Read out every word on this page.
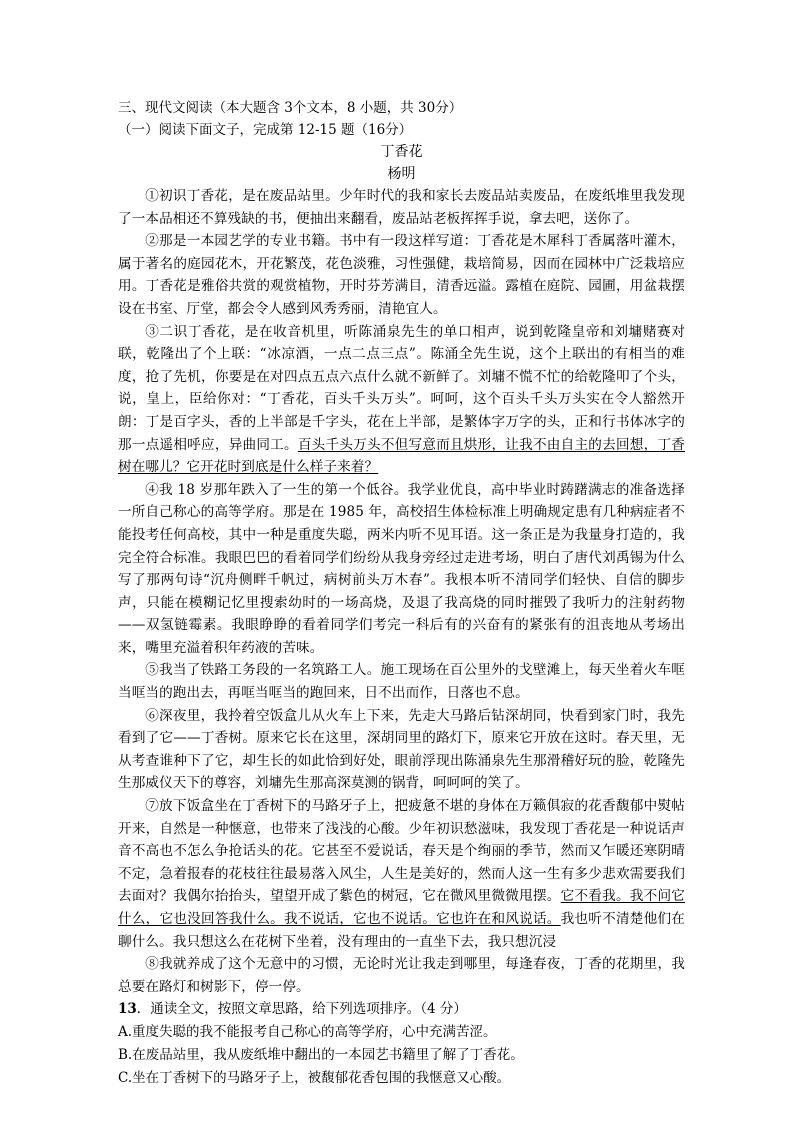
三、现代文阅读（本大题含 3个文本，8 小题，共 30分）

（一）阅读下面文子，完成第 12-15 题（16分）

丁香花

杨明

①初识丁香花，是在废品站里。少年时代的我和家长去废品站卖废品，在废纸堆里我发现了一本品相还不算残缺的书，便抽出来翻看，废品站老板挥挥手说，拿去吧，送你了。

②那是一本园艺学的专业书籍。书中有一段这样写道：丁香花是木犀科丁香属落叶灌木，属于著名的庭园花木，开花繁茂，花色淡雅，习性强健，栽培简易，因而在园林中广泛栽培应用。丁香花是雅俗共赏的观赏植物，开时芬芳满目，清香远溢。露植在庭院、园圃，用盆栽摆设在书室、厅堂，都会令人感到风秀秀丽，清艳宜人。

③二识丁香花，是在收音机里，听陈涌泉先生的单口相声，说到乾隆皇帝和刘墉赌赛对联，乾隆出了个上联：“冰凉酒，一点二点三点”。陈涌全先生说，这个上联出的有相当的难度，抢了先机，你要是在对四点五点六点什么就不新鲜了。刘墉不慌不忙的给乾隆叩了个头，说，皇上，臣给你对：“丁香花，百头千头万头”。呵呵，这个百头千头万头实在令人豁然开朗：丁是百字头，香的上半部是千字头，花在上半部，是繁体字万字的头，正和行书体冰字的那一点遥相呼应，异曲同工。百头千头万头不但写意而且烘形，让我不由自主的去回想，丁香树在哪儿？它开花时到底是什么样子来着？

④我 18 岁那年跌入了一生的第一个低谷。我学业优良，高中毕业时踌躇满志的准备选择一所自己称心的高等学府。那是在 1985 年，高校招生体检标准上明确规定患有几种病症者不能投考任何高校，其中一种是重度失聪，两米内听不见耳语。这一条正是为我量身打造的，我完全符合标准。我眼巴巴的看着同学们纷纷从我身旁经过走进考场，明白了唐代刘禹锡为什么写了那两句诗“沉舟侧畔千帆过，病树前头万木春”。我根本听不清同学们轻快、自信的脚步声，只能在模糊记忆里搜索幼时的一场高烧，及退了我高烧的同时摧毁了我听力的注射药物——双氢链霉素。我眼睁睁的看着同学们考完一科后有的兴奋有的紧张有的沮丧地从考场出来，嘴里充溢着积年药液的苦味。

⑤我当了铁路工务段的一名筑路工人。施工现场在百公里外的戈壁滩上，每天坐着火车哐当哐当的跑出去，再哐当哐当的跑回来，日不出而作，日落也不息。

⑥深夜里，我拎着空饭盒儿从火车上下来，先走大马路后钻深胡同，快看到家门时，我先看到了它——丁香树。原来它长在这里，深胡同里的路灯下，原来它开放在这时。春天里，无从考查谁种下了它，却生长的如此恰到好处，眼前浮现出陈涌泉先生那滑稽好玩的脸，乾隆先生那威仪天下的尊容，刘墉先生那高深莫测的锅背，呵呵呵的笑了。

⑦放下饭盒坐在丁香树下的马路牙子上，把疲惫不堪的身体在万籁俱寂的花香馥郁中熨帖开来，自然是一种惬意，也带来了浅浅的心酸。少年初识愁滋味，我发现丁香花是一种说话声音不高也不怎么争抢话头的花。它甚至不爱说话，春天是个绚丽的季节，然而又乍暖还寒阴晴不定，急着报春的花枝往往最易落入风尘，人生是美好的，然而人这一生有多少悲欢需要我们去面对？我偶尔抬抬头，望望开成了紫色的树冠，它在微风里微微甩摆。它不看我。我不问它什么，它也没回答我什么。我不说话，它也不说话。它也许在和风说话。我也听不清楚他们在聊什么。我只想这么在花树下坐着，没有理由的一直坐下去，我只想沉浸

⑧我就养成了这个无意中的习惯，无论时光让我走到哪里，每逢春夜，丁香的花期里，我总要在路灯和树影下，停一停。

13．通读全文，按照文章思路，给下列选项排序。（4 分）

A.重度失聪的我不能报考自己称心的高等学府，心中充满苦涩。

B.在废品站里，我从废纸堆中翻出的一本园艺书籍里了解了丁香花。

C.坐在丁香树下的马路牙子上，被馥郁花香包围的我惬意又心酸。
